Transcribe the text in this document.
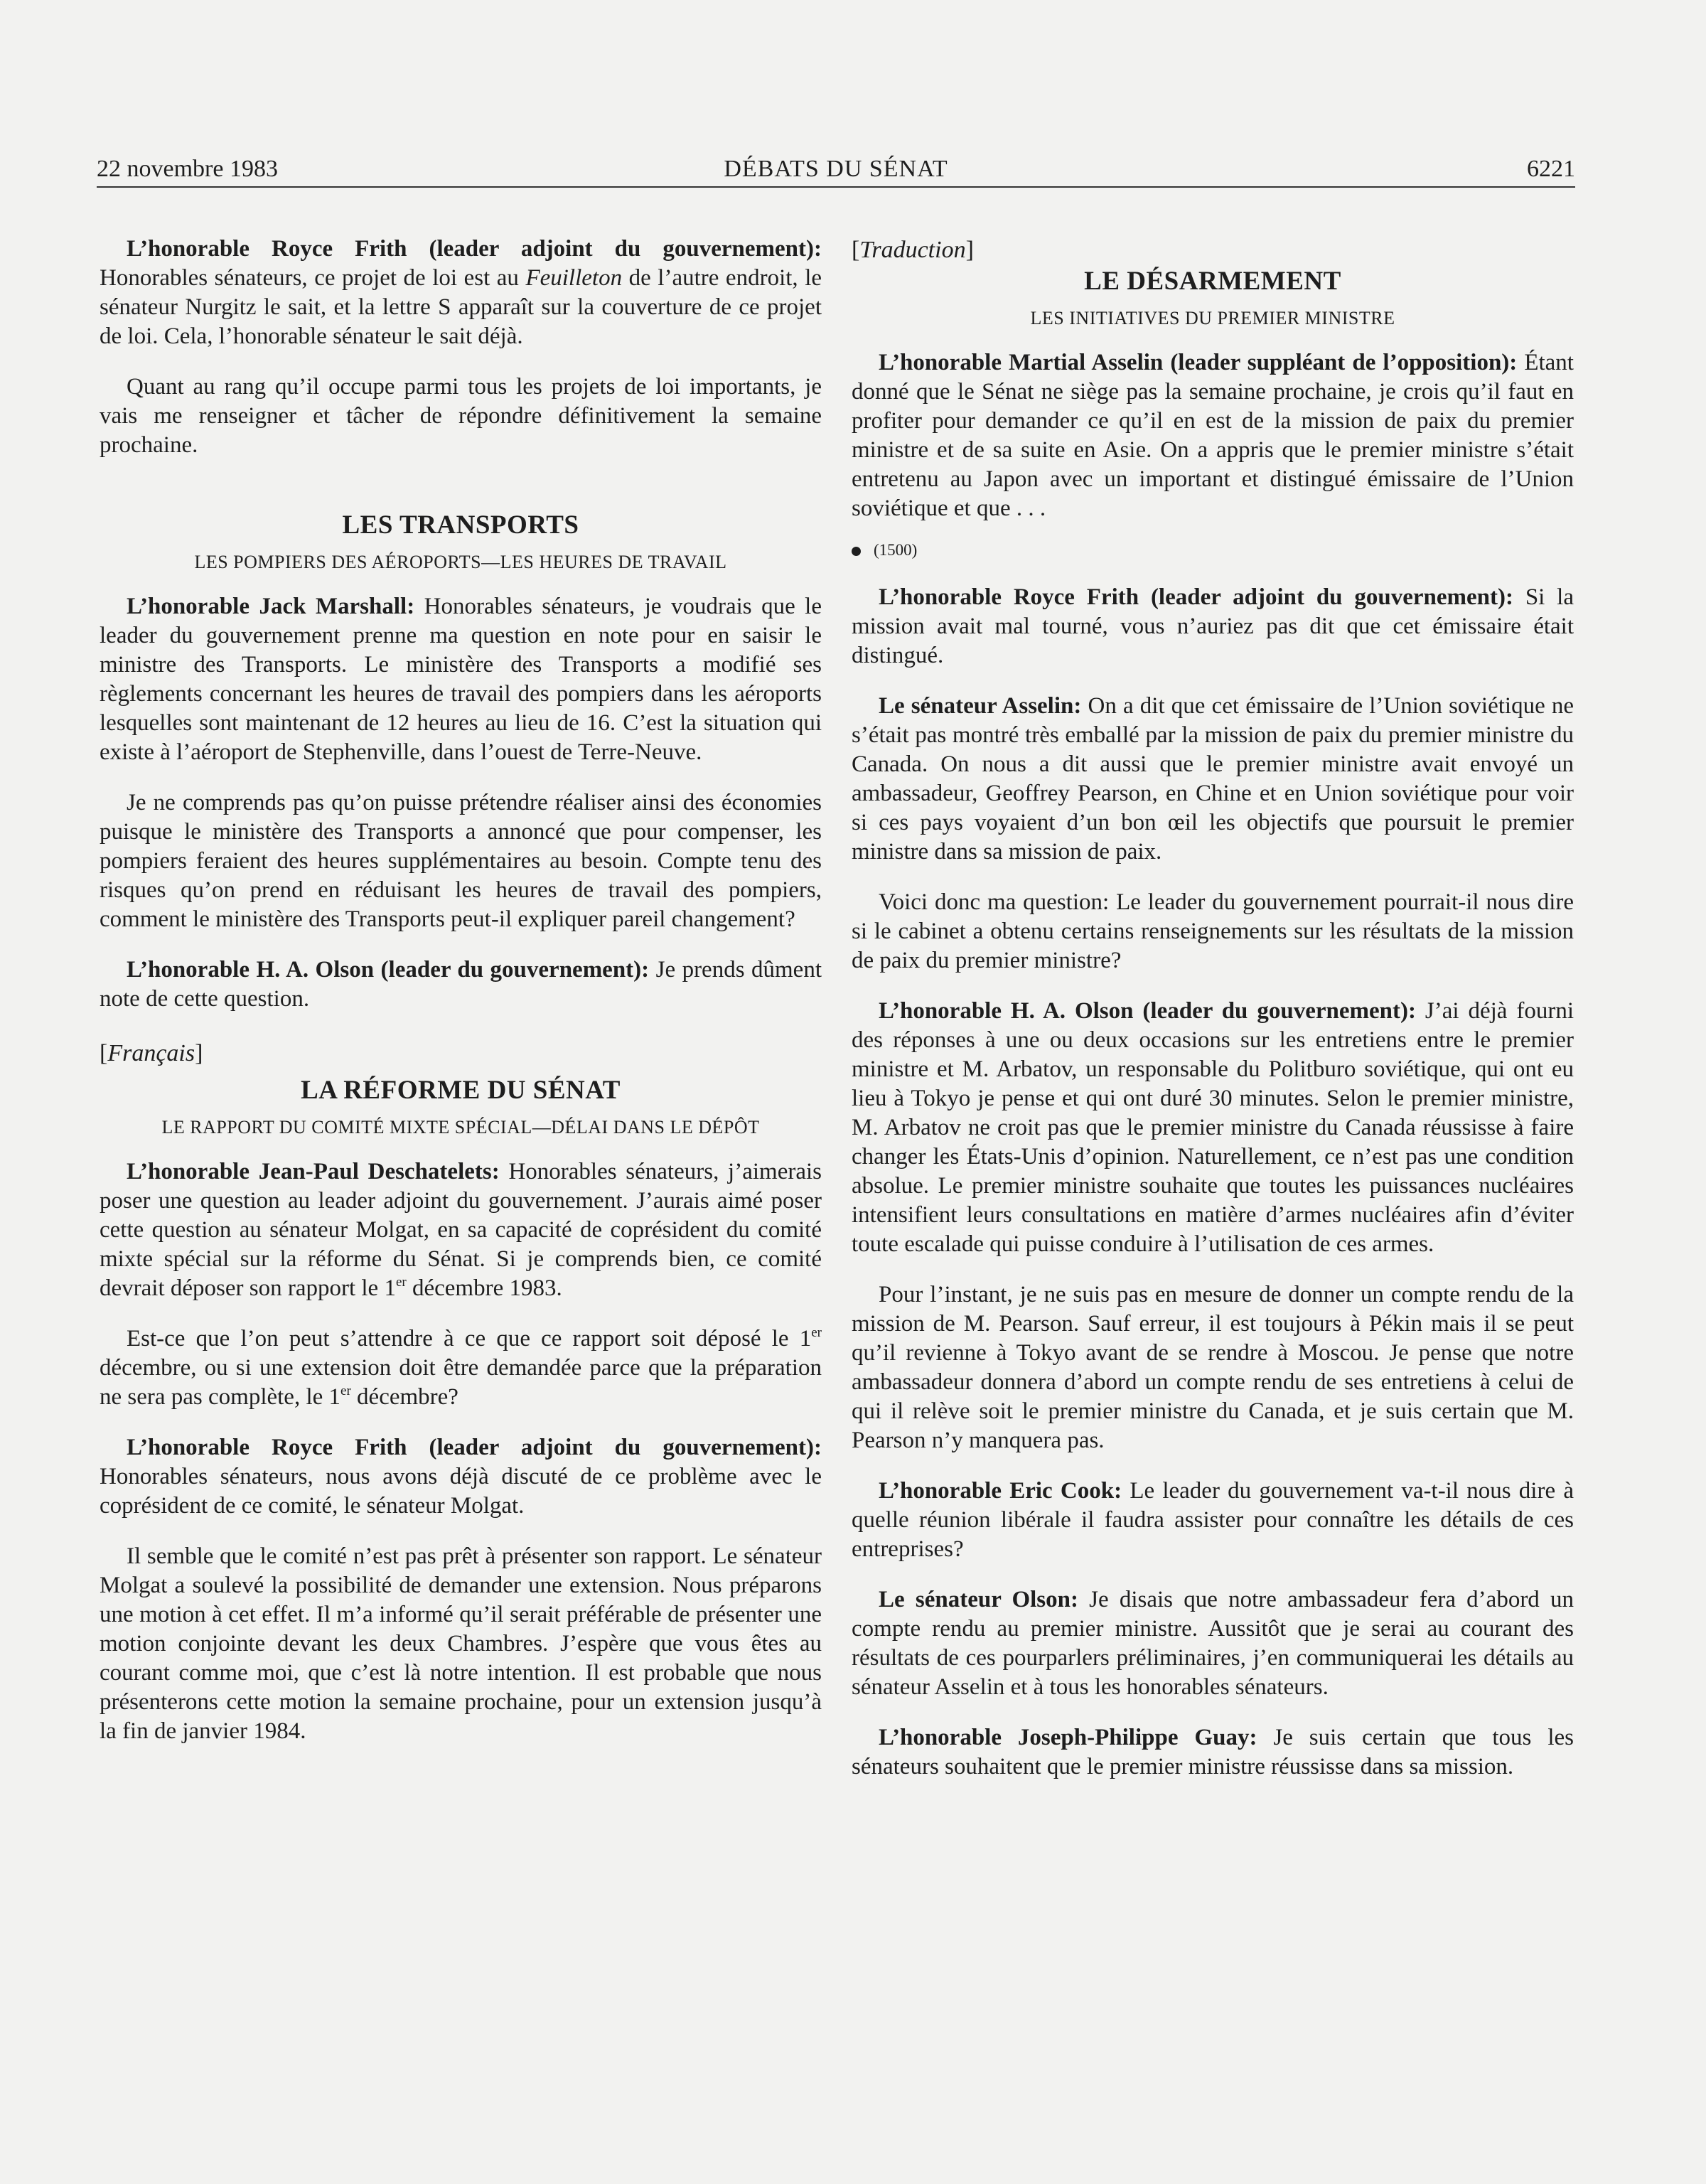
22 novembre 1983	DÉBATS DU SÉNAT	6221

L’honorable Royce Frith (leader adjoint du gouvernement): Honorables sénateurs, ce projet de loi est au Feuilleton de l’autre endroit, le sénateur Nurgitz le sait, et la lettre S apparaît sur la couverture de ce projet de loi. Cela, l’honorable sénateur le sait déjà.

Quant au rang qu’il occupe parmi tous les projets de loi importants, je vais me renseigner et tâcher de répondre définitivement la semaine prochaine.

LES TRANSPORTS

LES POMPIERS DES AÉROPORTS—LES HEURES DE TRAVAIL

L’honorable Jack Marshall: Honorables sénateurs, je voudrais que le leader du gouvernement prenne ma question en note pour en saisir le ministre des Transports. Le ministère des Transports a modifié ses règlements concernant les heures de travail des pompiers dans les aéroports lesquelles sont maintenant de 12 heures au lieu de 16. C’est la situation qui existe à l’aéroport de Stephenville, dans l’ouest de Terre-Neuve.

Je ne comprends pas qu’on puisse prétendre réaliser ainsi des économies puisque le ministère des Transports a annoncé que pour compenser, les pompiers feraient des heures supplémentaires au besoin. Compte tenu des risques qu’on prend en réduisant les heures de travail des pompiers, comment le ministère des Transports peut-il expliquer pareil changement?

L’honorable H. A. Olson (leader du gouvernement): Je prends dûment note de cette question.

[Français]

LA RÉFORME DU SÉNAT

LE RAPPORT DU COMITÉ MIXTE SPÉCIAL—DÉLAI DANS LE DÉPÔT

L’honorable Jean-Paul Deschatelets: Honorables sénateurs, j’aimerais poser une question au leader adjoint du gouvernement. J’aurais aimé poser cette question au sénateur Molgat, en sa capacité de coprésident du comité mixte spécial sur la réforme du Sénat. Si je comprends bien, ce comité devrait déposer son rapport le 1er décembre 1983.

Est-ce que l’on peut s’attendre à ce que ce rapport soit déposé le 1er décembre, ou si une extension doit être demandée parce que la préparation ne sera pas complète, le 1er décembre?

L’honorable Royce Frith (leader adjoint du gouvernement): Honorables sénateurs, nous avons déjà discuté de ce problème avec le coprésident de ce comité, le sénateur Molgat.

Il semble que le comité n’est pas prêt à présenter son rapport. Le sénateur Molgat a soulevé la possibilité de demander une extension. Nous préparons une motion à cet effet. Il m’a informé qu’il serait préférable de présenter une motion conjointe devant les deux Chambres. J’espère que vous êtes au courant comme moi, que c’est là notre intention. Il est probable que nous présenterons cette motion la semaine prochaine, pour un extension jusqu’à la fin de janvier 1984.

[Traduction]

LE DÉSARMEMENT

LES INITIATIVES DU PREMIER MINISTRE

L’honorable Martial Asselin (leader suppléant de l’opposition): Étant donné que le Sénat ne siège pas la semaine prochaine, je crois qu’il faut en profiter pour demander ce qu’il en est de la mission de paix du premier ministre et de sa suite en Asie. On a appris que le premier ministre s’était entretenu au Japon avec un important et distingué émissaire de l’Union soviétique et que . . .

(1500)

L’honorable Royce Frith (leader adjoint du gouvernement): Si la mission avait mal tourné, vous n’auriez pas dit que cet émissaire était distingué.

Le sénateur Asselin: On a dit que cet émissaire de l’Union soviétique ne s’était pas montré très emballé par la mission de paix du premier ministre du Canada. On nous a dit aussi que le premier ministre avait envoyé un ambassadeur, Geoffrey Pearson, en Chine et en Union soviétique pour voir si ces pays voyaient d’un bon œil les objectifs que poursuit le premier ministre dans sa mission de paix.

Voici donc ma question: Le leader du gouvernement pourrait-il nous dire si le cabinet a obtenu certains renseignements sur les résultats de la mission de paix du premier ministre?

L’honorable H. A. Olson (leader du gouvernement): J’ai déjà fourni des réponses à une ou deux occasions sur les entretiens entre le premier ministre et M. Arbatov, un responsable du Politburo soviétique, qui ont eu lieu à Tokyo je pense et qui ont duré 30 minutes. Selon le premier ministre, M. Arbatov ne croit pas que le premier ministre du Canada réussisse à faire changer les États-Unis d’opinion. Naturellement, ce n’est pas une condition absolue. Le premier ministre souhaite que toutes les puissances nucléaires intensifient leurs consultations en matière d’armes nucléaires afin d’éviter toute escalade qui puisse conduire à l’utilisation de ces armes.

Pour l’instant, je ne suis pas en mesure de donner un compte rendu de la mission de M. Pearson. Sauf erreur, il est toujours à Pékin mais il se peut qu’il revienne à Tokyo avant de se rendre à Moscou. Je pense que notre ambassadeur donnera d’abord un compte rendu de ses entretiens à celui de qui il relève soit le premier ministre du Canada, et je suis certain que M. Pearson n’y manquera pas.

L’honorable Eric Cook: Le leader du gouvernement va-t-il nous dire à quelle réunion libérale il faudra assister pour connaître les détails de ces entreprises?

Le sénateur Olson: Je disais que notre ambassadeur fera d’abord un compte rendu au premier ministre. Aussitôt que je serai au courant des résultats de ces pourparlers préliminaires, j’en communiquerai les détails au sénateur Asselin et à tous les honorables sénateurs.

L’honorable Joseph-Philippe Guay: Je suis certain que tous les sénateurs souhaitent que le premier ministre réussisse dans sa mission.
